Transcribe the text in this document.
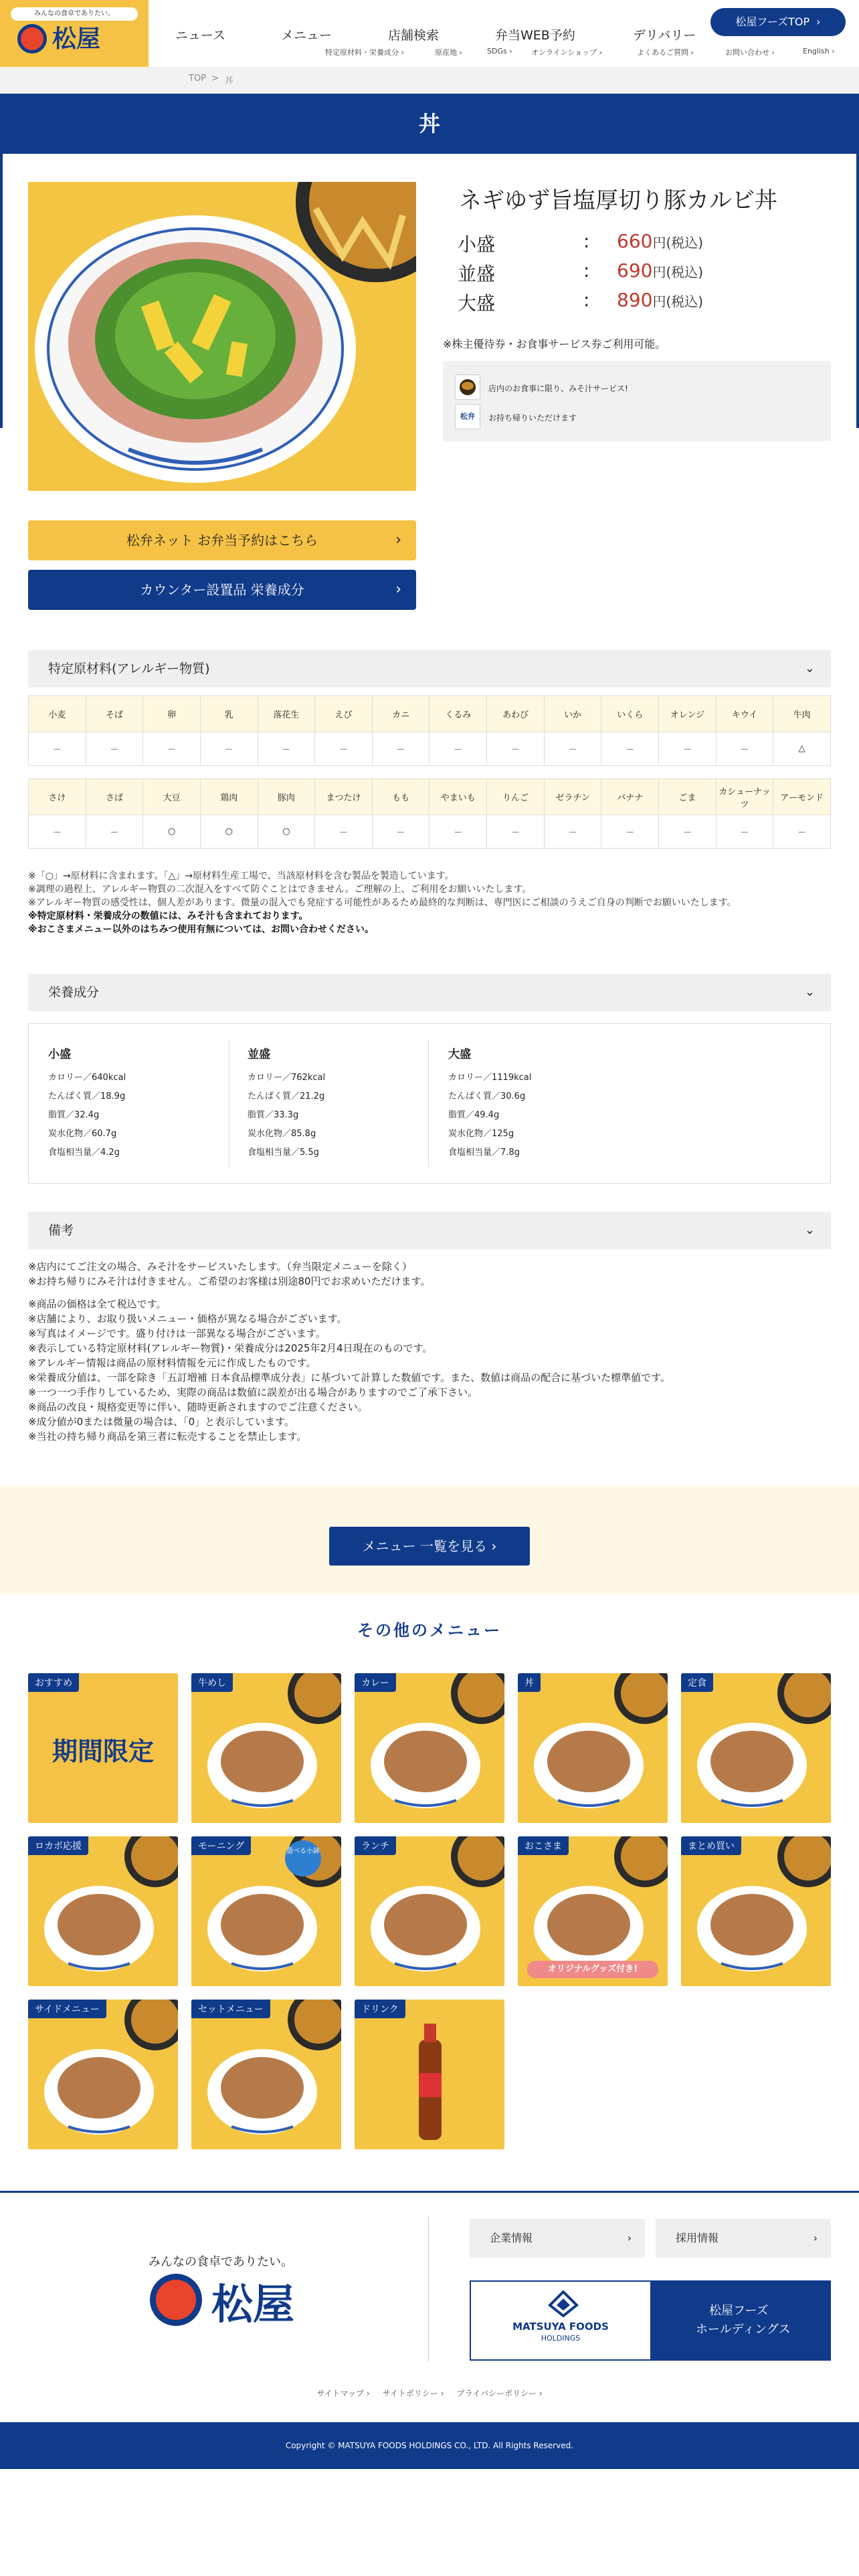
みんなの食卓でありたい。
松屋	ニュース	メニュー	店舗検索	弁当WEB予約	デリバリー
特定原材料・栄養成分 ›	原産地 ›	SDGs ›	オンラインショップ ›	よくあるご質問 ›	お問い合わせ ›	English ›
松屋フーズTOP ›
TOP > 丼
丼
ネギゆず旨塩厚切り豚カルビ丼
小盛	: 660円(税込)
並盛	: 690円(税込)
大盛	: 890円(税込)
※株主優待券・お食事サービス券ご利用可能。
店内のお食事に限り、みそ汁サービス!
松弁	お持ち帰りいただけます
松弁ネット お弁当予約はこちら	›
カウンター設置品 栄養成分	›
特定原材料(アレルギー物質)	⌄
小麦	そば	卵	乳	落花生	えび	カニ	くるみ	あわび	いか	いくら	オレンジ	キウイ	牛肉
－	－	－	－	－	－	－	－	－	－	－	－	－	△
さけ	さば	大豆	鶏肉	豚肉	まつたけ	もも	やまいも	りんご	ゼラチン	バナナ	ごま	カシューナッツ	アーモンド
－	－	○	○	○	－	－	－	－	－	－	－	－	－
※「○」→原材料に含まれます。「△」→原材料生産工場で、当該原材料を含む製品を製造しています。
※調理の過程上、アレルギー物質の二次混入をすべて防ぐことはできません。ご理解の上、ご利用をお願いいたします。
※アレルギー物質の感受性は、個人差があります。微量の混入でも発症する可能性があるため最終的な判断は、専門医にご相談のうえご自身の判断でお願いいたします。
※特定原材料・栄養成分の数値には、みそ汁も含まれております。
※おこさまメニュー以外のはちみつ使用有無については、お問い合わせください。
栄養成分	⌄
小盛
カロリー／640kcal
たんぱく質／18.9g
脂質／32.4g
炭水化物／60.7g
食塩相当量／4.2g
並盛
カロリー／762kcal
たんぱく質／21.2g
脂質／33.3g
炭水化物／85.8g
食塩相当量／5.5g
大盛
カロリー／1119kcal
たんぱく質／30.6g
脂質／49.4g
炭水化物／125g
食塩相当量／7.8g
備考	⌄
※店内にてご注文の場合、みそ汁をサービスいたします。（弁当限定メニューを除く）
※お持ち帰りにみそ汁は付きません。ご希望のお客様は別途80円でお求めいただけます。
※商品の価格は全て税込です。
※店舗により、お取り扱いメニュー・価格が異なる場合がございます。
※写真はイメージです。盛り付けは一部異なる場合がございます。
※表示している特定原材料(アレルギー物質)・栄養成分は2025年2月4日現在のものです。
※アレルギー情報は商品の原材料情報を元に作成したものです。
※栄養成分値は、一部を除き「五訂増補 日本食品標準成分表」に基づいて計算した数値です。また、数値は商品の配合に基づいた標準値です。
※一つ一つ手作りしているため、実際の商品は数値に誤差が出る場合がありますのでご了承下さい。
※商品の改良・規格変更等に伴い、随時更新されますのでご注意ください。
※成分値が0または微量の場合は、「0」と表示しています。
※当社の持ち帰り商品を第三者に転売することを禁止します。
メニュー 一覧を見る ›
その他のメニュー
期間限定
おすすめ	牛めし	カレー	丼	定食
ロカボ応援	モーニング	選べる小鉢	ランチ	おこさま
オリジナルグッズ付き!
まとめ買い
サイドメニュー	セットメニュー	ドリンク
みんなの食卓でありたい。
松屋
企業情報	›	採用情報	›
MATSUYA FOODS
HOLDINGS
松屋フーズ
ホールディングス
サイトマップ › サイトポリシー › プライバシーポリシー ›
Copyright © MATSUYA FOODS HOLDINGS CO., LTD. All Rights Reserved.
